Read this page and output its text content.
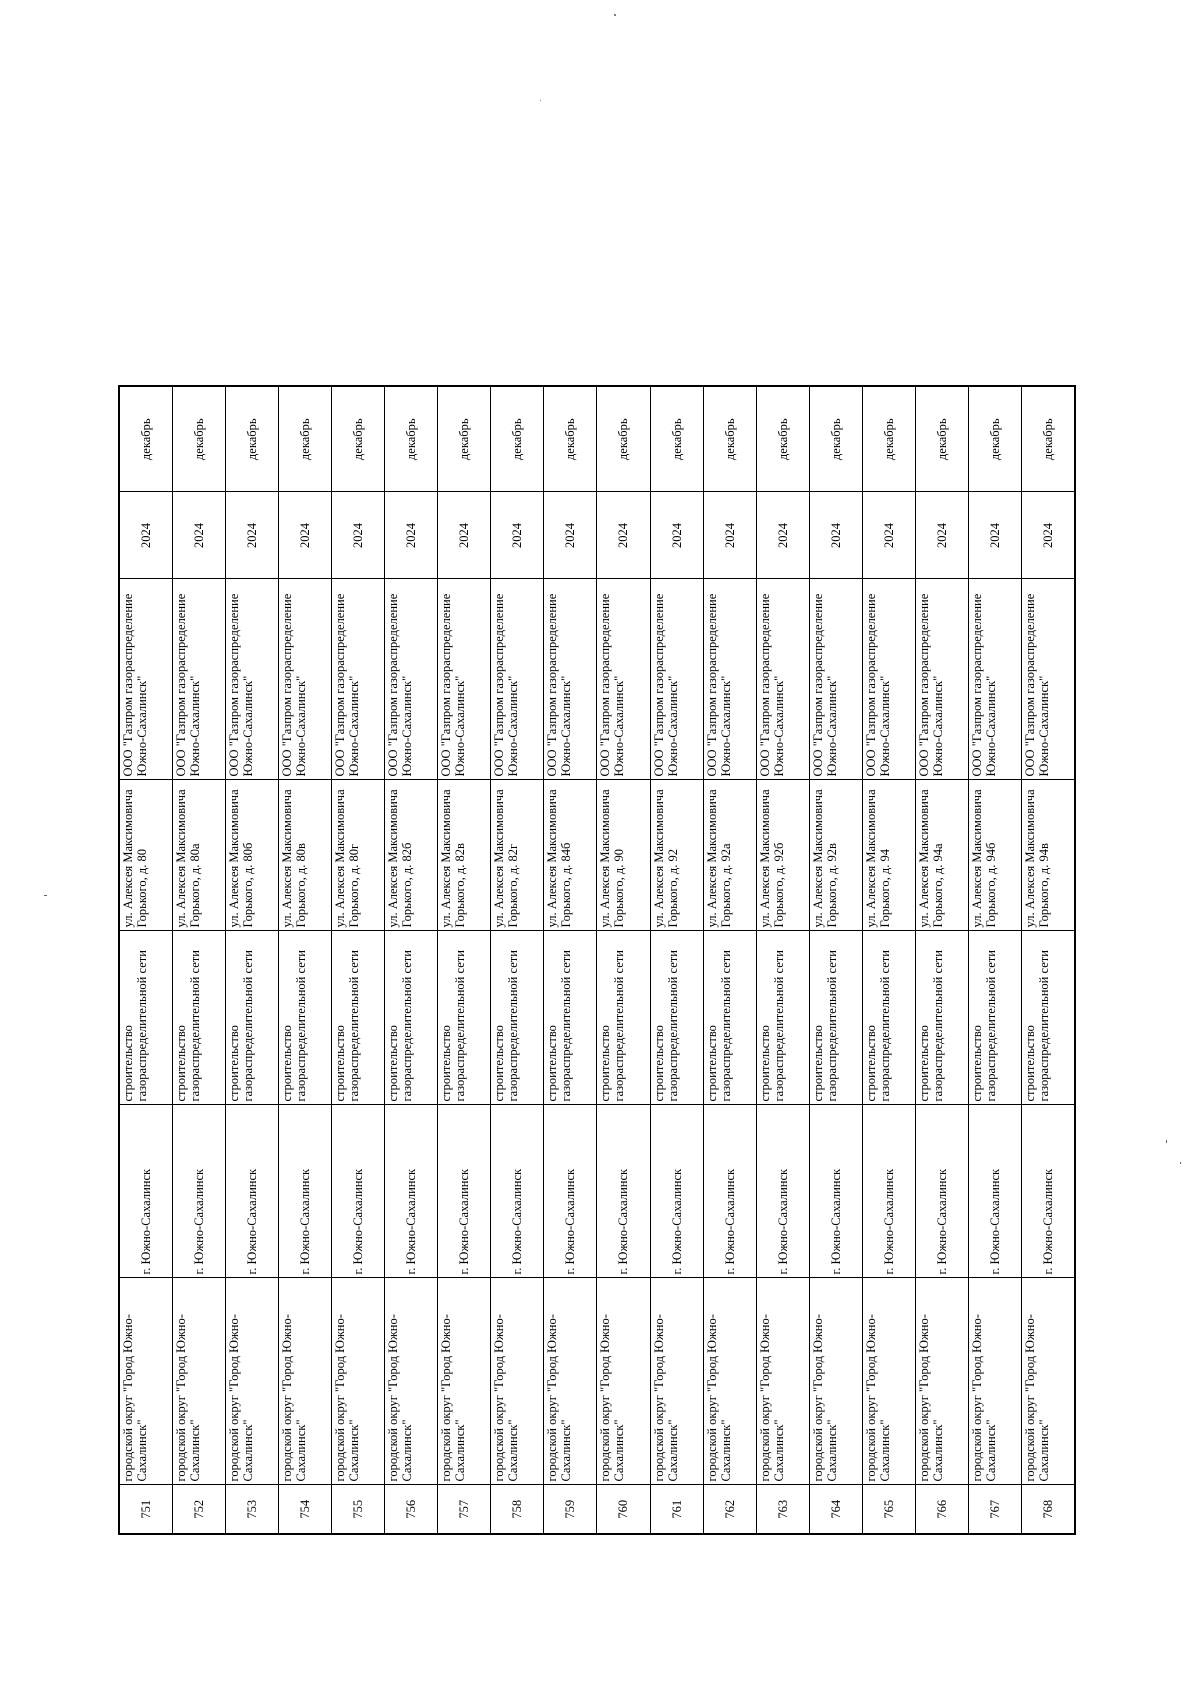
751	городской округ "Город Южно-Сахалинск"	г. Южно-Сахалинск	строительство газораспределительной сети	ул. Алексея Максимовича Горького, д. 80	ООО "Газпром газораспределение Южно-Сахалинск"	2024	декабрь
752	городской округ "Город Южно-Сахалинск"	г. Южно-Сахалинск	строительство газораспределительной сети	ул. Алексея Максимовича Горького, д. 80а	ООО "Газпром газораспределение Южно-Сахалинск"	2024	декабрь
753	городской округ "Город Южно-Сахалинск"	г. Южно-Сахалинск	строительство газораспределительной сети	ул. Алексея Максимовича Горького, д. 80б	ООО "Газпром газораспределение Южно-Сахалинск"	2024	декабрь
754	городской округ "Город Южно-Сахалинск"	г. Южно-Сахалинск	строительство газораспределительной сети	ул. Алексея Максимовича Горького, д. 80в	ООО "Газпром газораспределение Южно-Сахалинск"	2024	декабрь
755	городской округ "Город Южно-Сахалинск"	г. Южно-Сахалинск	строительство газораспределительной сети	ул. Алексея Максимовича Горького, д. 80г	ООО "Газпром газораспределение Южно-Сахалинск"	2024	декабрь
756	городской округ "Город Южно-Сахалинск"	г. Южно-Сахалинск	строительство газораспределительной сети	ул. Алексея Максимовича Горького, д. 82б	ООО "Газпром газораспределение Южно-Сахалинск"	2024	декабрь
757	городской округ "Город Южно-Сахалинск"	г. Южно-Сахалинск	строительство газораспределительной сети	ул. Алексея Максимовича Горького, д. 82в	ООО "Газпром газораспределение Южно-Сахалинск"	2024	декабрь
758	городской округ "Город Южно-Сахалинск"	г. Южно-Сахалинск	строительство газораспределительной сети	ул. Алексея Максимовича Горького, д. 82г	ООО "Газпром газораспределение Южно-Сахалинск"	2024	декабрь
759	городской округ "Город Южно-Сахалинск"	г. Южно-Сахалинск	строительство газораспределительной сети	ул. Алексея Максимовича Горького, д. 84б	ООО "Газпром газораспределение Южно-Сахалинск"	2024	декабрь
760	городской округ "Город Южно-Сахалинск"	г. Южно-Сахалинск	строительство газораспределительной сети	ул. Алексея Максимовича Горького, д. 90	ООО "Газпром газораспределение Южно-Сахалинск"	2024	декабрь
761	городской округ "Город Южно-Сахалинск"	г. Южно-Сахалинск	строительство газораспределительной сети	ул. Алексея Максимовича Горького, д. 92	ООО "Газпром газораспределение Южно-Сахалинск"	2024	декабрь
762	городской округ "Город Южно-Сахалинск"	г. Южно-Сахалинск	строительство газораспределительной сети	ул. Алексея Максимовича Горького, д. 92а	ООО "Газпром газораспределение Южно-Сахалинск"	2024	декабрь
763	городской округ "Город Южно-Сахалинск"	г. Южно-Сахалинск	строительство газораспределительной сети	ул. Алексея Максимовича Горького, д. 92б	ООО "Газпром газораспределение Южно-Сахалинск"	2024	декабрь
764	городской округ "Город Южно-Сахалинск"	г. Южно-Сахалинск	строительство газораспределительной сети	ул. Алексея Максимовича Горького, д. 92в	ООО "Газпром газораспределение Южно-Сахалинск"	2024	декабрь
765	городской округ "Город Южно-Сахалинск"	г. Южно-Сахалинск	строительство газораспределительной сети	ул. Алексея Максимовича Горького, д. 94	ООО "Газпром газораспределение Южно-Сахалинск"	2024	декабрь
766	городской округ "Город Южно-Сахалинск"	г. Южно-Сахалинск	строительство газораспределительной сети	ул. Алексея Максимовича Горького, д. 94а	ООО "Газпром газораспределение Южно-Сахалинск"	2024	декабрь
767	городской округ "Город Южно-Сахалинск"	г. Южно-Сахалинск	строительство газораспределительной сети	ул. Алексея Максимовича Горького, д. 94б	ООО "Газпром газораспределение Южно-Сахалинск"	2024	декабрь
768	городской округ "Город Южно-Сахалинск"	г. Южно-Сахалинск	строительство газораспределительной сети	ул. Алексея Максимовича Горького, д. 94в	ООО "Газпром газораспределение Южно-Сахалинск"	2024	декабрь
